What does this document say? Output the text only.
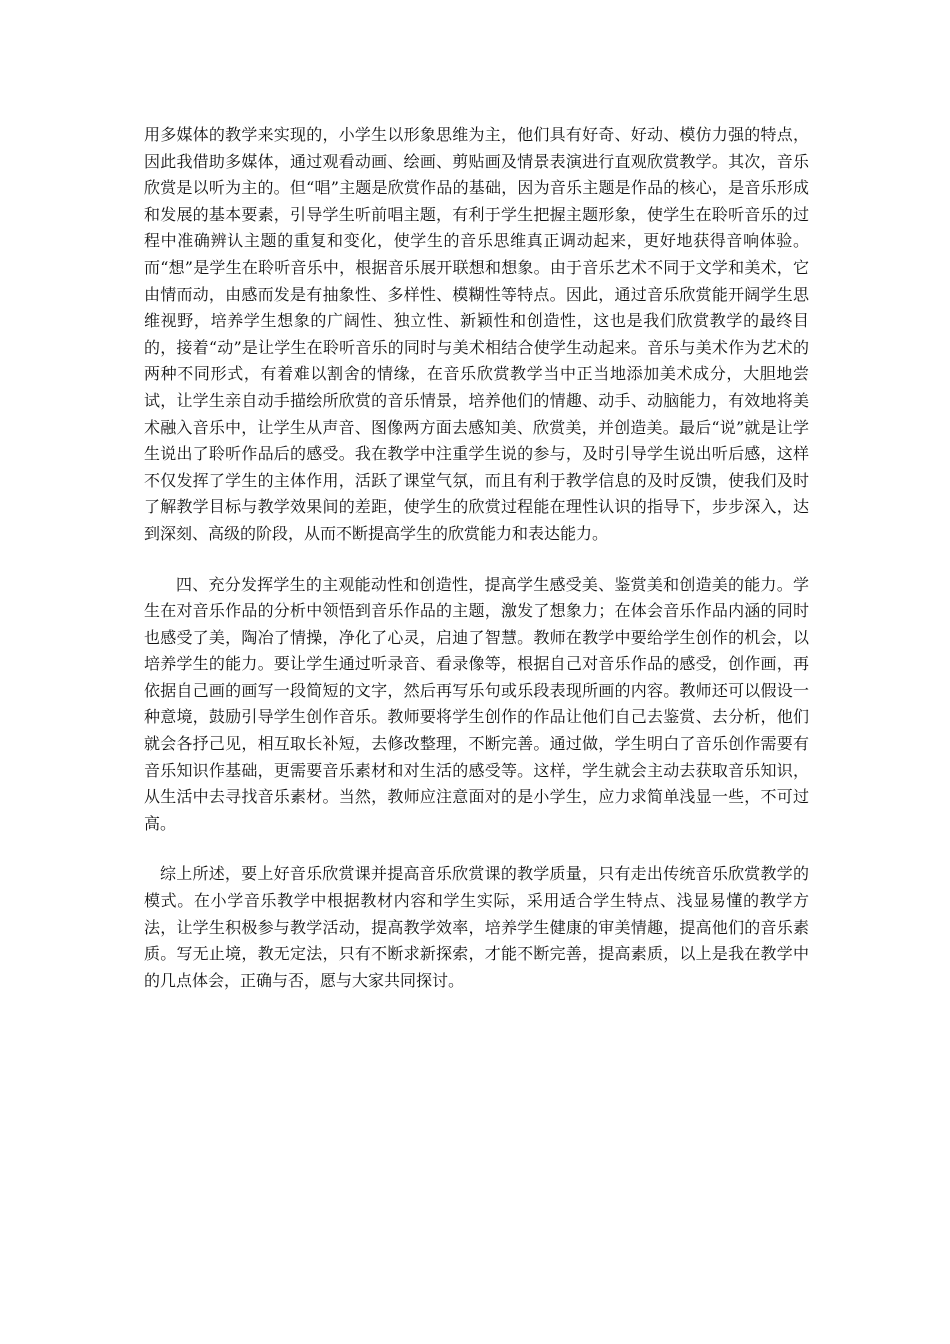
用多媒体的教学来实现的，小学生以形象思维为主，他们具有好奇、好动、模仿力强的特点，因此我借助多媒体，通过观看动画、绘画、剪贴画及情景表演进行直观欣赏教学。其次，音乐欣赏是以听为主的。但“唱”主题是欣赏作品的基础，因为音乐主题是作品的核心，是音乐形成和发展的基本要素，引导学生听前唱主题，有利于学生把握主题形象，使学生在聆听音乐的过程中准确辨认主题的重复和变化，使学生的音乐思维真正调动起来，更好地获得音响体验。而“想”是学生在聆听音乐中，根据音乐展开联想和想象。由于音乐艺术不同于文学和美术，它由情而动，由感而发是有抽象性、多样性、模糊性等特点。因此，通过音乐欣赏能开阔学生思维视野，培养学生想象的广阔性、独立性、新颖性和创造性，这也是我们欣赏教学的最终目的，接着“动”是让学生在聆听音乐的同时与美术相结合使学生动起来。音乐与美术作为艺术的两种不同形式，有着难以割舍的情缘，在音乐欣赏教学当中正当地添加美术成分，大胆地尝试，让学生亲自动手描绘所欣赏的音乐情景，培养他们的情趣、动手、动脑能力，有效地将美术融入音乐中，让学生从声音、图像两方面去感知美、欣赏美，并创造美。最后“说”就是让学生说出了聆听作品后的感受。我在教学中注重学生说的参与，及时引导学生说出听后感，这样不仅发挥了学生的主体作用，活跃了课堂气氛，而且有利于教学信息的及时反馈，使我们及时了解教学目标与教学效果间的差距，使学生的欣赏过程能在理性认识的指导下，步步深入，达到深刻、高级的阶段，从而不断提高学生的欣赏能力和表达能力。

四、充分发挥学生的主观能动性和创造性，提高学生感受美、鉴赏美和创造美的能力。学生在对音乐作品的分析中领悟到音乐作品的主题，激发了想象力；在体会音乐作品内涵的同时也感受了美，陶冶了情操，净化了心灵，启迪了智慧。教师在教学中要给学生创作的机会，以培养学生的能力。要让学生通过听录音、看录像等，根据自己对音乐作品的感受，创作画，再依据自己画的画写一段简短的文字，然后再写乐句或乐段表现所画的内容。教师还可以假设一种意境，鼓励引导学生创作音乐。教师要将学生创作的作品让他们自己去鉴赏、去分析，他们就会各抒己见，相互取长补短，去修改整理，不断完善。通过做，学生明白了音乐创作需要有音乐知识作基础，更需要音乐素材和对生活的感受等。这样，学生就会主动去获取音乐知识，从生活中去寻找音乐素材。当然，教师应注意面对的是小学生，应力求简单浅显一些，不可过高。

综上所述，要上好音乐欣赏课并提高音乐欣赏课的教学质量，只有走出传统音乐欣赏教学的模式。在小学音乐教学中根据教材内容和学生实际，采用适合学生特点、浅显易懂的教学方法，让学生积极参与教学活动，提高教学效率，培养学生健康的审美情趣，提高他们的音乐素质。写无止境，教无定法，只有不断求新探索，才能不断完善，提高素质，以上是我在教学中的几点体会，正确与否，愿与大家共同探讨。
